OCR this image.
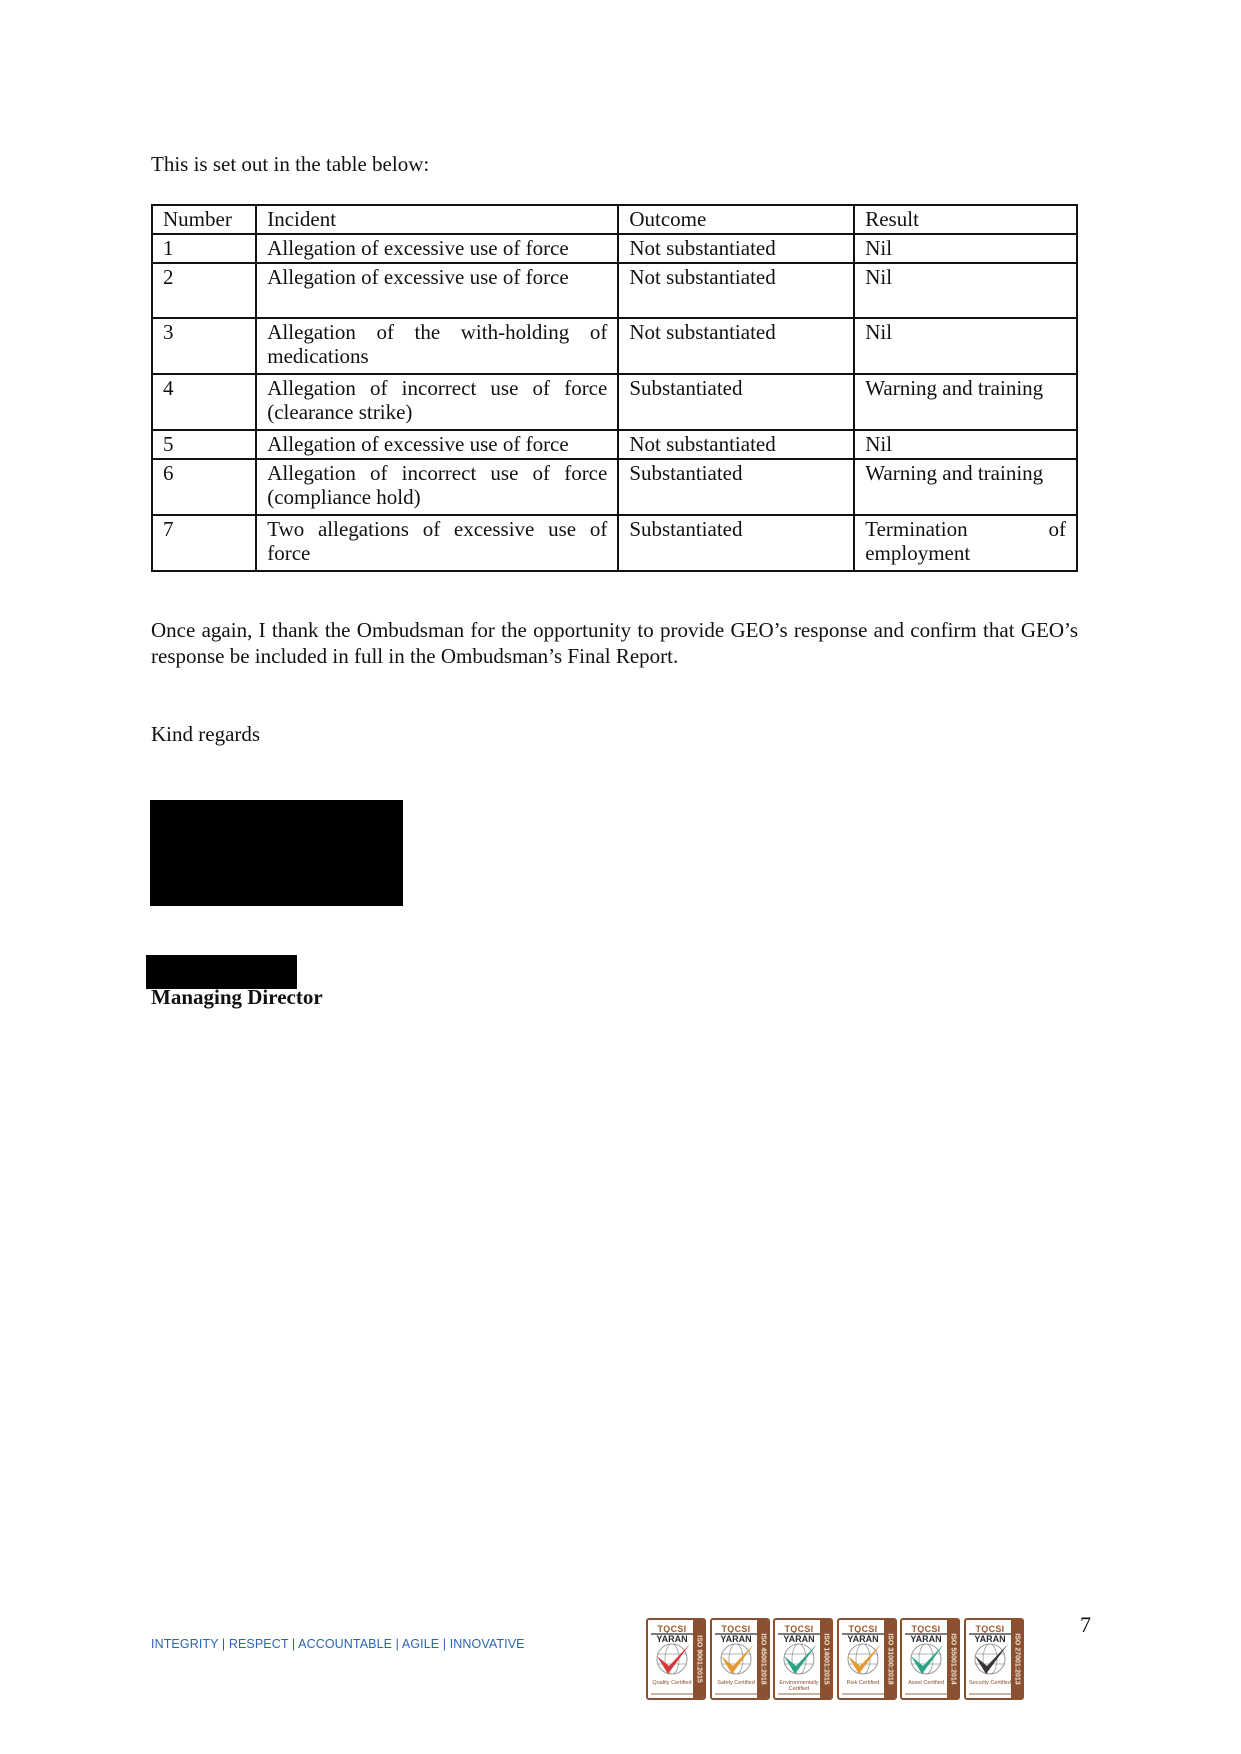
This is set out in the table below:
Number	Incident	Outcome	Result
1	Allegation of excessive use of force	Not substantiated	Nil
2	Allegation of excessive use of force	Not substantiated	Nil
3	Allegation of the with-holding of medications	Not substantiated	Nil
4	Allegation of incorrect use of force (clearance strike)	Substantiated	Warning and training
5	Allegation of excessive use of force	Not substantiated	Nil
6	Allegation of incorrect use of force (compliance hold)	Substantiated	Warning and training
7	Two allegations of excessive use of force	Substantiated	Termination of employment
Once again, I thank the Ombudsman for the opportunity to provide GEO’s response and confirm that GEO’s response be included in full in the Ombudsman’s Final Report.
Kind regards
Managing Director
INTEGRITY | RESPECT | ACCOUNTABLE | AGILE | INNOVATIVE
TQCSI
YARAN
Quality Certified
ISO 9001:2015
TQCSI
YARAN
Safety Certified ISO 45001:2018
TQCSI
YARAN
Environmentally Certified
ISO 14001:2015
TQCSI
YARAN
Risk Certified ISO 31000:2018
TQCSI
YARAN
Asset Certified ISO 55001:2014
TQCSI
YARAN
Security Certified ISO 27001:2013
7
